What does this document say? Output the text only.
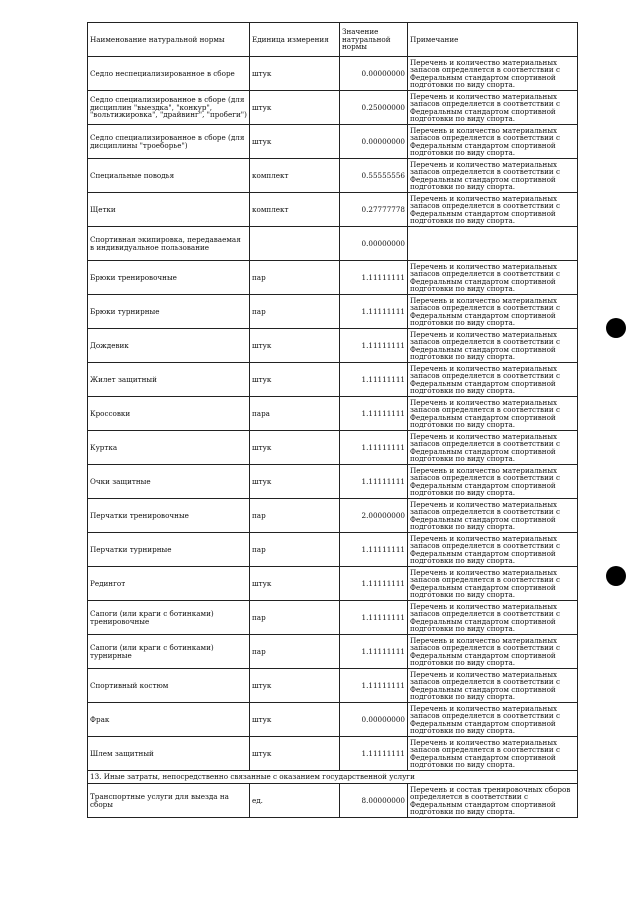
Наименование натуральной нормы	Единица измерения	Значение натуральной нормы	Примечание
Седло неспециализированное в сборе	штук	0.00000000	Перечень и количество материальных запасов определяется в соответствии с Федеральным стандартом спортивной подготовки по виду спорта.
Седло специализированное в сборе (для дисциплин "выездка", "конкур", "вольтижировка", "драйвинг", "пробеги")	штук	0.25000000	Перечень и количество материальных запасов определяется в соответствии с Федеральным стандартом спортивной подготовки по виду спорта.
Седло специализированное в сборе (для дисциплины "троеборье")	штук	0.00000000	Перечень и количество материальных запасов определяется в соответствии с Федеральным стандартом спортивной подготовки по виду спорта.
Специальные поводья	комплект	0.55555556	Перечень и количество материальных запасов определяется в соответствии с Федеральным стандартом спортивной подготовки по виду спорта.
Щетки	комплект	0.27777778	Перечень и количество материальных запасов определяется в соответствии с Федеральным стандартом спортивной подготовки по виду спорта.
Спортивная экипировка, передаваемая в индивидуальное пользование		0.00000000	
Брюки тренировочные	пар	1.11111111	Перечень и количество материальных запасов определяется в соответствии с Федеральным стандартом спортивной подготовки по виду спорта.
Брюки турнирные	пар	1.11111111	Перечень и количество материальных запасов определяется в соответствии с Федеральным стандартом спортивной подготовки по виду спорта.
Дождевик	штук	1.11111111	Перечень и количество материальных запасов определяется в соответствии с Федеральным стандартом спортивной подготовки по виду спорта.
Жилет защитный	штук	1.11111111	Перечень и количество материальных запасов определяется в соответствии с Федеральным стандартом спортивной подготовки по виду спорта.
Кроссовки	пара	1.11111111	Перечень и количество материальных запасов определяется в соответствии с Федеральным стандартом спортивной подготовки по виду спорта.
Куртка	штук	1.11111111	Перечень и количество материальных запасов определяется в соответствии с Федеральным стандартом спортивной подготовки по виду спорта.
Очки защитные	штук	1.11111111	Перечень и количество материальных запасов определяется в соответствии с Федеральным стандартом спортивной подготовки по виду спорта.
Перчатки тренировочные	пар	2.00000000	Перечень и количество материальных запасов определяется в соответствии с Федеральным стандартом спортивной подготовки по виду спорта.
Перчатки турнирные	пар	1.11111111	Перечень и количество материальных запасов определяется в соответствии с Федеральным стандартом спортивной подготовки по виду спорта.
Редингот	штук	1.11111111	Перечень и количество материальных запасов определяется в соответствии с Федеральным стандартом спортивной подготовки по виду спорта.
Сапоги (или краги с ботинками) тренировочные	пар	1.11111111	Перечень и количество материальных запасов определяется в соответствии с Федеральным стандартом спортивной подготовки по виду спорта.
Сапоги (или краги с ботинками) турнирные	пар	1.11111111	Перечень и количество материальных запасов определяется в соответствии с Федеральным стандартом спортивной подготовки по виду спорта.
Спортивный костюм	штук	1.11111111	Перечень и количество материальных запасов определяется в соответствии с Федеральным стандартом спортивной подготовки по виду спорта.
Фрак	штук	0.00000000	Перечень и количество материальных запасов определяется в соответствии с Федеральным стандартом спортивной подготовки по виду спорта.
Шлем защитный	штук	1.11111111	Перечень и количество материальных запасов определяется в соответствии с Федеральным стандартом спортивной подготовки по виду спорта.
13. Иные затраты, непосредственно связанные с оказанием государственной услуги			
Транспортные услуги для выезда на сборы	ед.	8.00000000	Перечень и состав тренировочных сборов определяется в соответствии с Федеральным стандартом спортивной подготовки по виду спорта.
